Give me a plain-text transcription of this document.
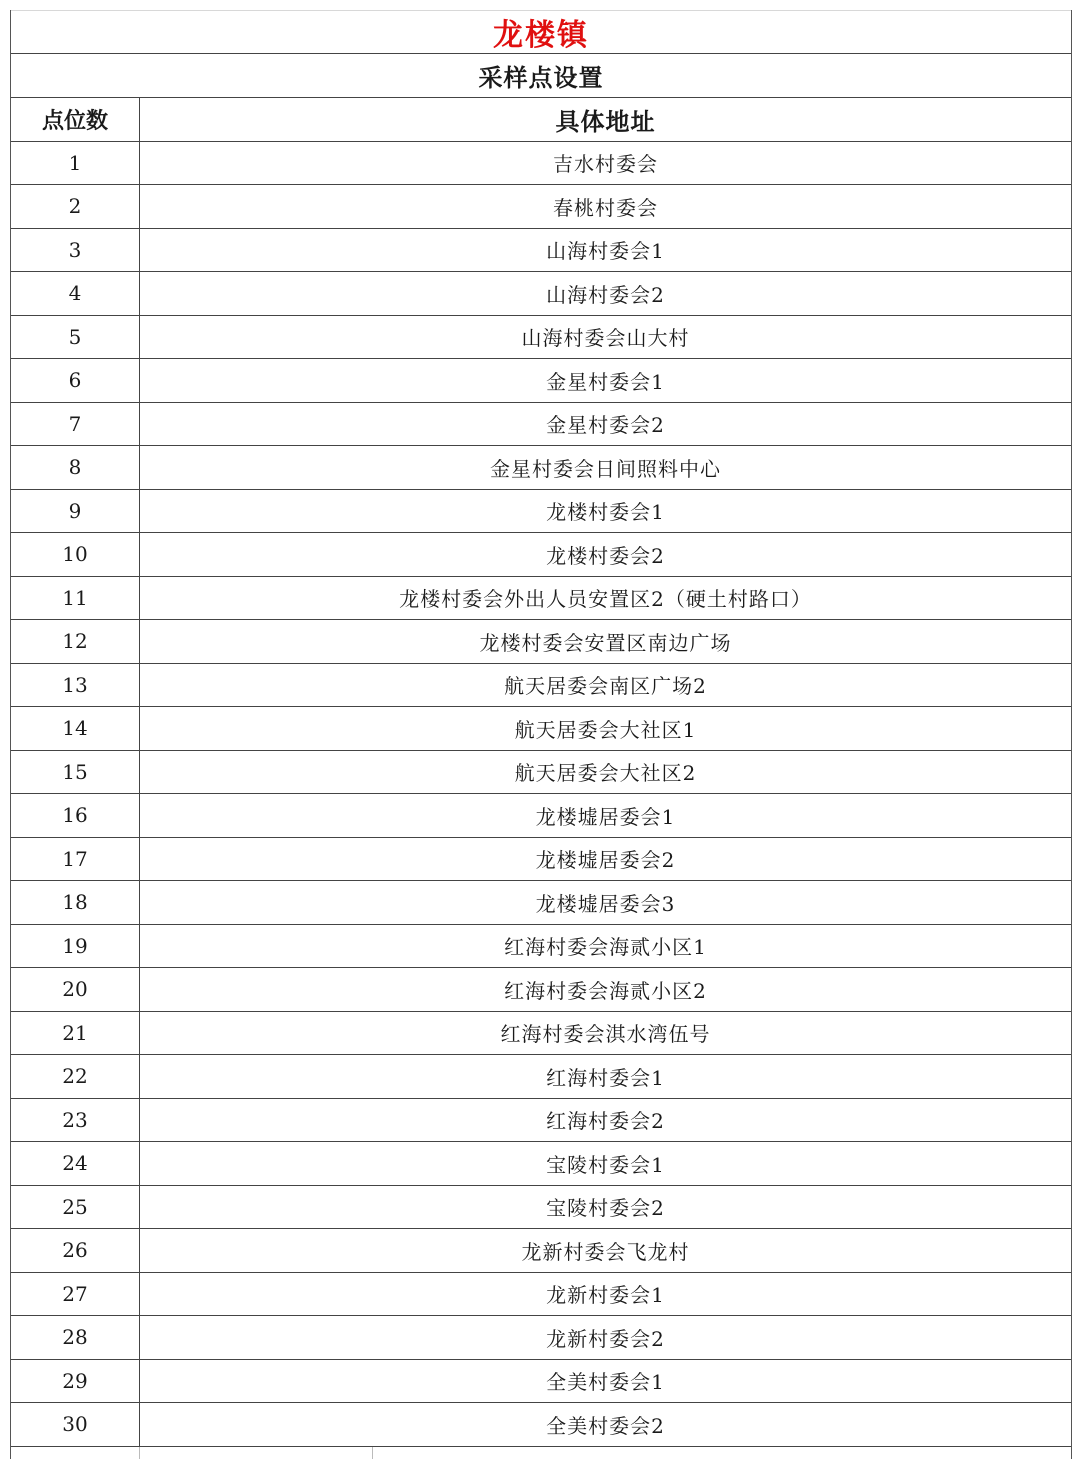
龙楼镇
采样点设置
点位数	具体地址
1	吉水村委会
2	春桃村委会
3	山海村委会1
4	山海村委会2
5	山海村委会山大村
6	金星村委会1
7	金星村委会2
8	金星村委会日间照料中心
9	龙楼村委会1
10	龙楼村委会2
11	龙楼村委会外出人员安置区2（硬土村路口）
12	龙楼村委会安置区南边广场
13	航天居委会南区广场2
14	航天居委会大社区1
15	航天居委会大社区2
16	龙楼墟居委会1
17	龙楼墟居委会2
18	龙楼墟居委会3
19	红海村委会海贰小区1
20	红海村委会海贰小区2
21	红海村委会淇水湾伍号
22	红海村委会1
23	红海村委会2
24	宝陵村委会1
25	宝陵村委会2
26	龙新村委会飞龙村
27	龙新村委会1
28	龙新村委会2
29	全美村委会1
30	全美村委会2
